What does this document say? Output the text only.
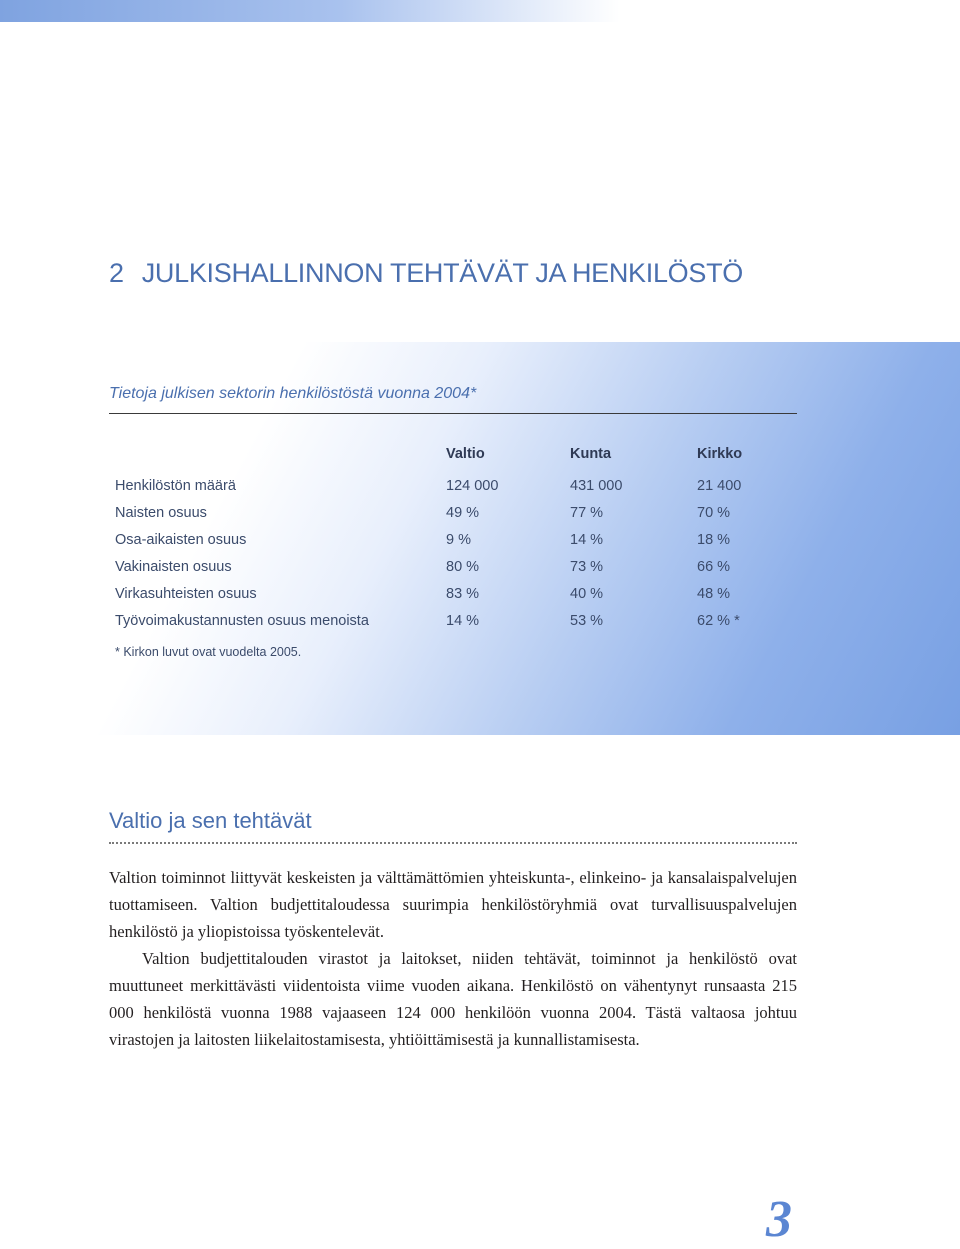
2 JULKISHALLINNON TEHTÄVÄT JA HENKILÖSTÖ
Tietoja julkisen sektorin henkilöstöstä vuonna 2004*
	Valtio	Kunta	Kirkko

Henkilöstön määrä	124 000	431 000	21 400
Naisten osuus	49 %	77 %	70 %
Osa-aikaisten osuus	9 %	14 %	18 %
Vakinaisten osuus	80 %	73 %	66 %
Virkasuhteisten osuus	83 %	40 %	48 %
Työvoimakustannusten osuus menoista	14 %	53 %	62 % *
* Kirkon luvut ovat vuodelta 2005.
Valtio ja sen tehtävät

Valtion toiminnot liittyvät keskeisten ja välttämättömien yhteiskunta-, elinkeino- ja kansalaispalvelujen tuottamiseen. Valtion budjettitaloudessa suurimpia henkilöstöryhmiä ovat turvallisuuspalvelujen henkilöstö ja yliopistoissa työskentelevät.

Valtion budjettitalouden virastot ja laitokset, niiden tehtävät, toiminnot ja henkilöstö ovat muuttuneet merkittävästi viidentoista viime vuoden aikana. Henkilöstö on vähentynyt runsaasta 215 000 henkilöstä vuonna 1988 vajaaseen 124 000 henkilöön vuonna 2004. Tästä valtaosa johtuu virastojen ja laitosten liikelaitostamisesta, yhtiöittämisestä ja kunnallistamisesta.

3
